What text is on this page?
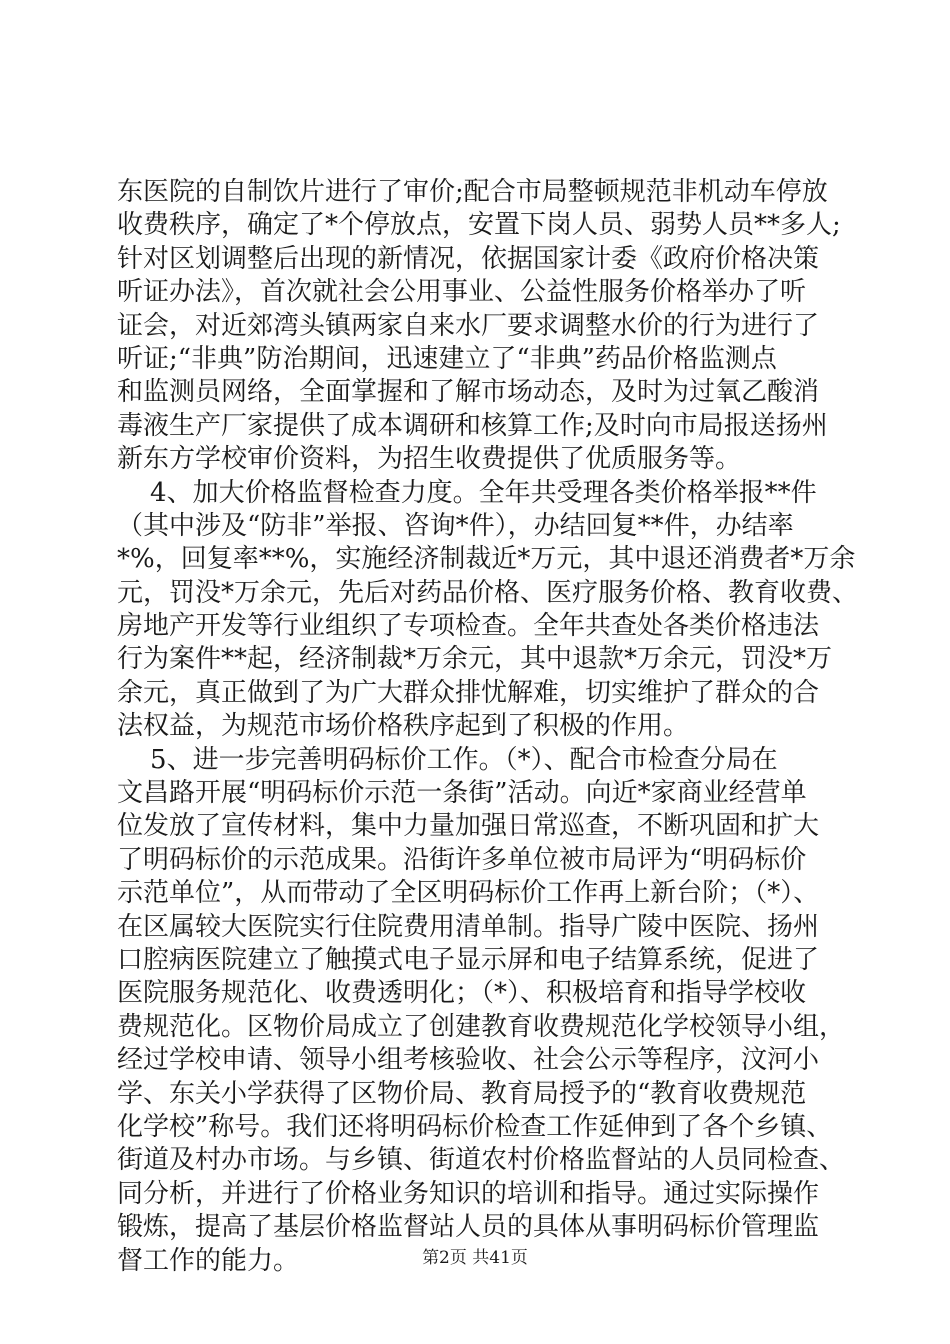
东医院的自制饮片进行了审价;配合市局整顿规范非机动车停放
收费秩序，确定了*个停放点，安置下岗人员、弱势人员**多人;
针对区划调整后出现的新情况，依据国家计委《政府价格决策
听证办法》，首次就社会公用事业、公益性服务价格举办了听
证会，对近郊湾头镇两家自来水厂要求调整水价的行为进行了
听证;“非典”防治期间，迅速建立了“非典”药品价格监测点
和监测员网络，全面掌握和了解市场动态，及时为过氧乙酸消
毒液生产厂家提供了成本调研和核算工作;及时向市局报送扬州
新东方学校审价资料，为招生收费提供了优质服务等。
4、加大价格监督检查力度。全年共受理各类价格举报**件
（其中涉及“防非”举报、咨询*件），办结回复**件，办结率
*%，回复率**%，实施经济制裁近*万元，其中退还消费者*万余
元，罚没*万余元，先后对药品价格、医疗服务价格、教育收费、
房地产开发等行业组织了专项检查。全年共查处各类价格违法
行为案件**起，经济制裁*万余元，其中退款*万余元，罚没*万
余元，真正做到了为广大群众排忧解难，切实维护了群众的合
法权益，为规范市场价格秩序起到了积极的作用。
5、进一步完善明码标价工作。（*）、配合市检查分局在
文昌路开展“明码标价示范一条街”活动。向近*家商业经营单
位发放了宣传材料，集中力量加强日常巡查，不断巩固和扩大
了明码标价的示范成果。沿街许多单位被市局评为“明码标价
示范单位”，从而带动了全区明码标价工作再上新台阶；（*）、
在区属较大医院实行住院费用清单制。指导广陵中医院、扬州
口腔病医院建立了触摸式电子显示屏和电子结算系统，促进了
医院服务规范化、收费透明化；（*）、积极培育和指导学校收
费规范化。区物价局成立了创建教育收费规范化学校领导小组，
经过学校申请、领导小组考核验收、社会公示等程序，汶河小
学、东关小学获得了区物价局、教育局授予的“教育收费规范
化学校”称号。我们还将明码标价检查工作延伸到了各个乡镇、
街道及村办市场。与乡镇、街道农村价格监督站的人员同检查、
同分析，并进行了价格业务知识的培训和指导。通过实际操作
锻炼，提高了基层价格监督站人员的具体从事明码标价管理监
督工作的能力。	第2页 共41页
